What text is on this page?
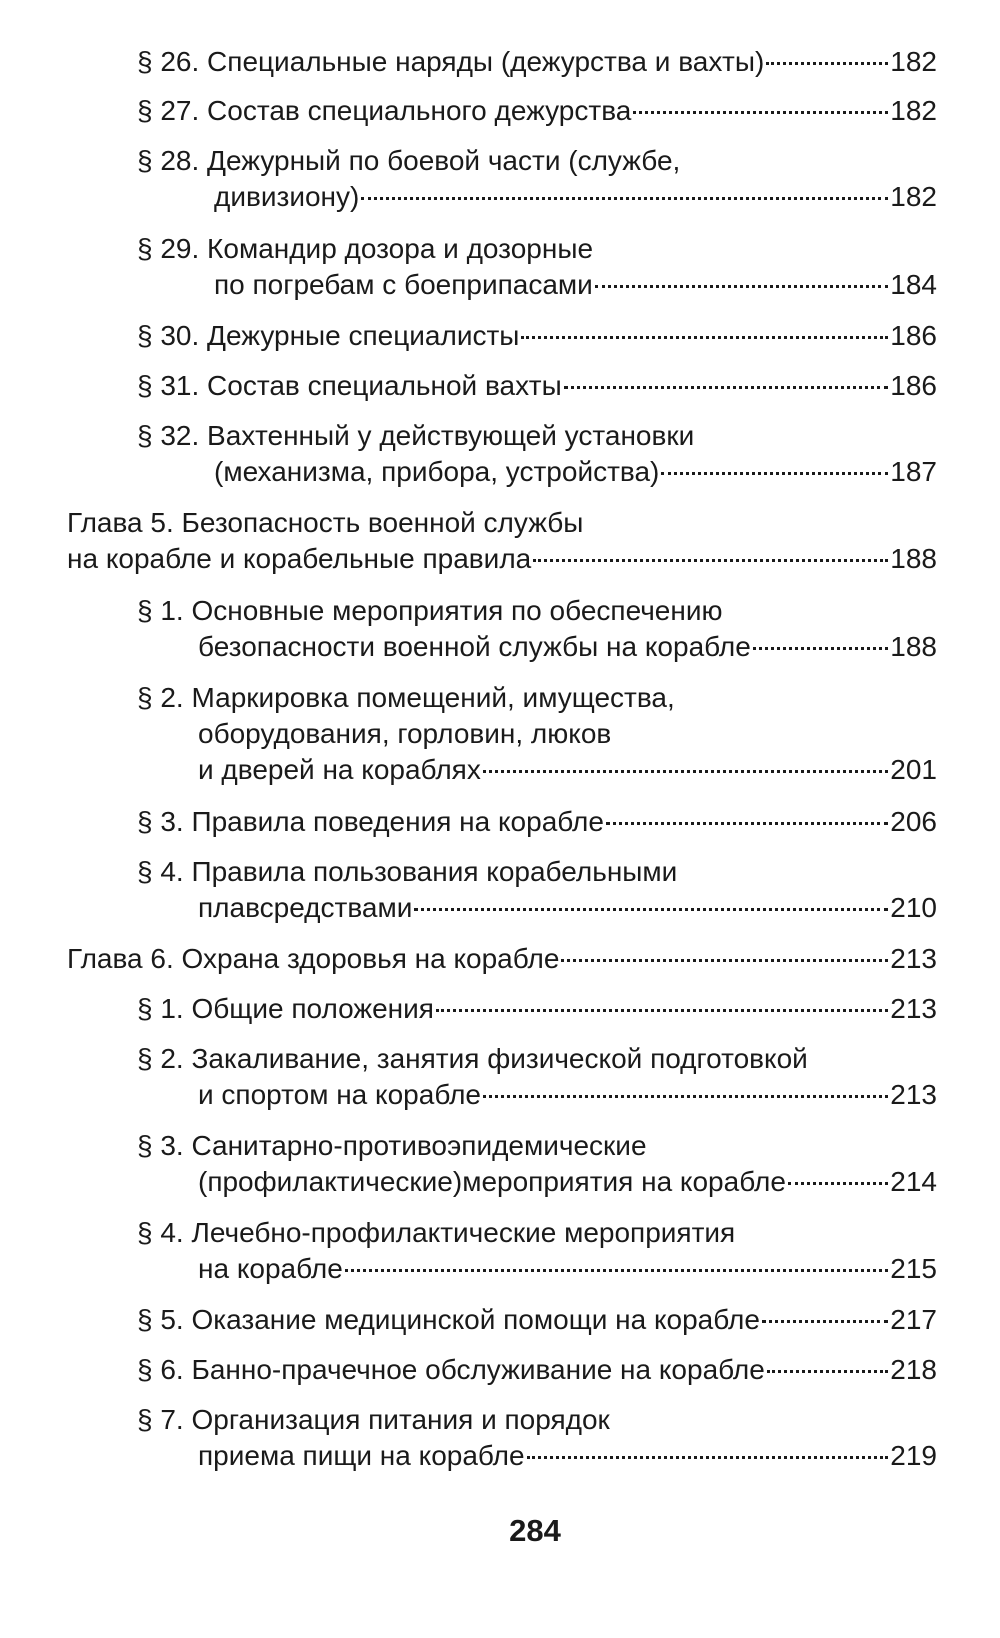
§ 26. Специальные наряды (дежурства и вахты)	182
§ 27. Состав специального дежурства	182
§ 28. Дежурный по боевой части (службе,
дивизиону)	182
§ 29. Командир дозора и дозорные
по погребам с боеприпасами	184
§ 30. Дежурные специалисты	186
§ 31. Состав специальной вахты	186
§ 32. Вахтенный у действующей установки
(механизма, прибора, устройства)	187
Глава 5. Безопасность военной службы
на корабле и корабельные правила	188
§ 1. Основные мероприятия по обеспечению
безопасности военной службы на корабле	188
§ 2. Маркировка помещений, имущества,
оборудования, горловин, люков
и дверей на кораблях	201
§ 3. Правила поведения на корабле	206
§ 4. Правила пользования корабельными
плавсредствами	210
Глава 6. Охрана здоровья на корабле	213
§ 1. Общие положения	213
§ 2. Закаливание, занятия физической подготовкой
и спортом на корабле	213
§ 3. Санитарно-противоэпидемические
(профилактические)мероприятия на корабле	214
§ 4. Лечебно-профилактические мероприятия
на корабле	215
§ 5. Оказание медицинской помощи на корабле	217
§ 6. Банно-прачечное обслуживание на корабле	218
§ 7. Организация питания и порядок
приема пищи на корабле	219
284
